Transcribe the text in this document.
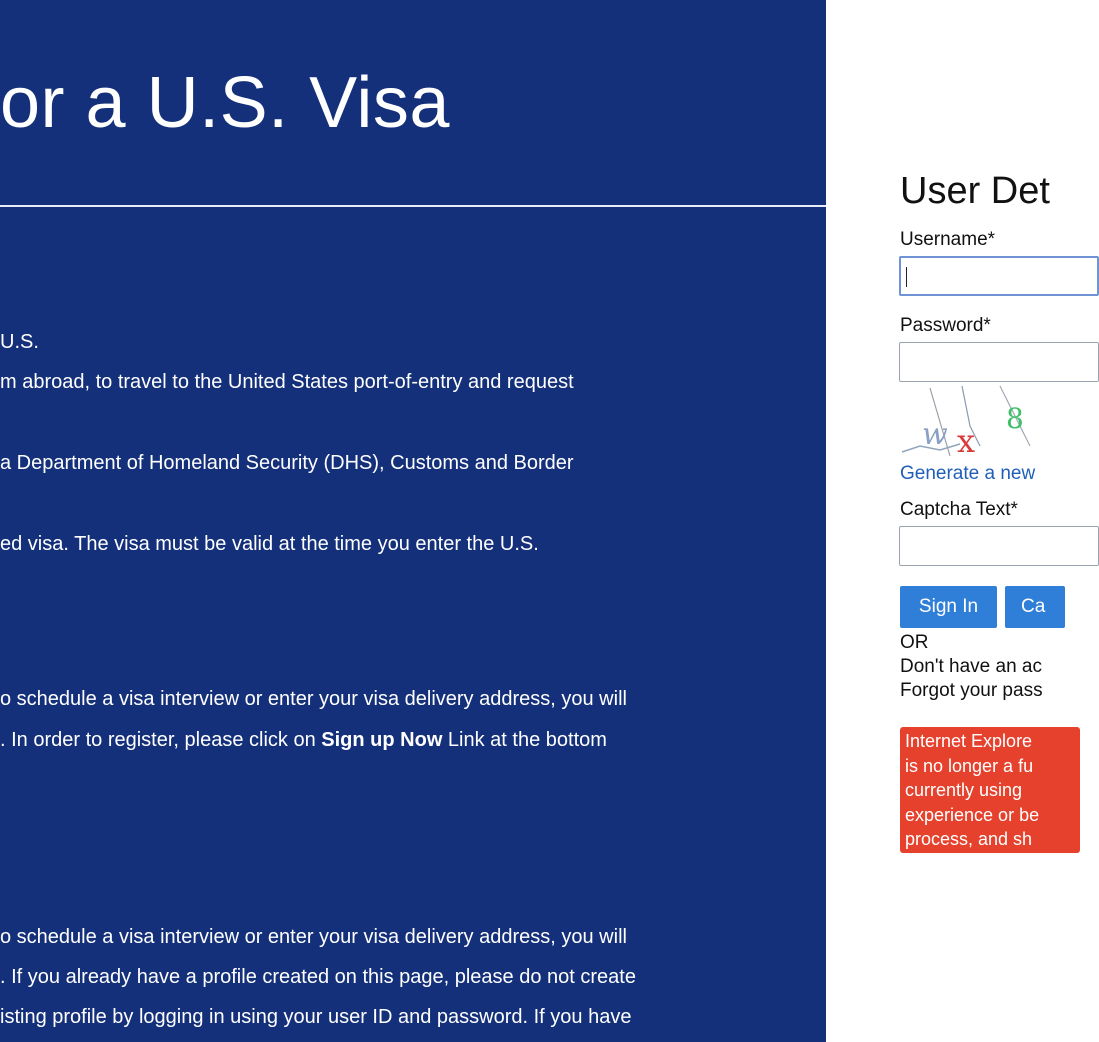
or a U.S. Visa
U.S.
m abroad, to travel to the United States port-of-entry and request
a Department of Homeland Security (DHS), Customs and Border
ed visa. The visa must be valid at the time you enter the U.S.
o schedule a visa interview or enter your visa delivery address, you will
. In order to register, please click on Sign up Now Link at the bottom
o schedule a visa interview or enter your visa delivery address, you will
. If you already have a profile created on this page, please do not create
isting profile by logging in using your user ID and password. If you have
User Det
Username*
Password*
w x
8
Generate a new
Captcha Text*
Sign In	Ca
OR
Don't have an ac
Forgot your pass
Internet Explore
is no longer a fu
currently using
experience or be
process, and sh
